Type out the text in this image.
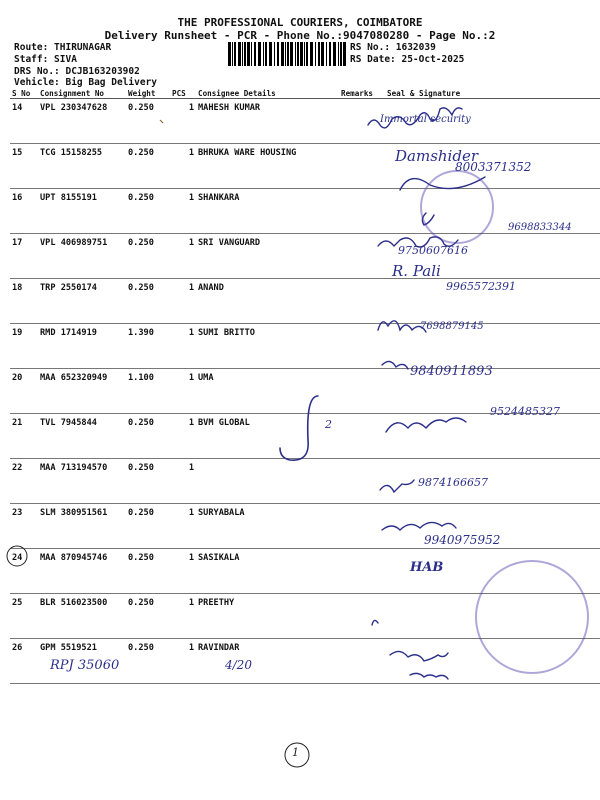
THE PROFESSIONAL COURIERS, COIMBATORE
Delivery Runsheet - PCR - Phone No.:9047080280 - Page No.:2
Route: THIRUNAGAR
Staff: SIVA
DRS No.: DCJB163203902
Vehicle: Big Bag Delivery
RS No.: 1632039
RS Date: 25-Oct-2025
S No	Consignment No	Weight	PCS	Consignee Details	Remarks	Seal & Signature
14	VPL 230347628	0.250	1	MAHESH KUMAR		
15	TCG 15158255	0.250	1	BHRUKA WARE HOUSING		
16	UPT 8155191	0.250	1	SHANKARA		
17	VPL 406989751	0.250	1	SRI VANGUARD		
18	TRP 2550174	0.250	1	ANAND		
19	RMD 1714919	1.390	1	SUMI BRITTO		
20	MAA 652320949	1.100	1	UMA		
21	TVL 7945844	0.250	1	BVM GLOBAL		
22	MAA 713194570	0.250	1			
23	SLM 380951561	0.250	1	SURYABALA		
24	MAA 870945746	0.250	1	SASIKALA		
25	BLR 516023500	0.250	1	PREETHY		
26	GPM 5519521	0.250	1	RAVINDAR		
Immortal security
Damshider
8003371352
9698833344
9750607616
R. Pali
9965572391
7698879145
9840911893
9524485327
9874166657
9940975952
HAB
RPJ 35060	4/20
1
2
